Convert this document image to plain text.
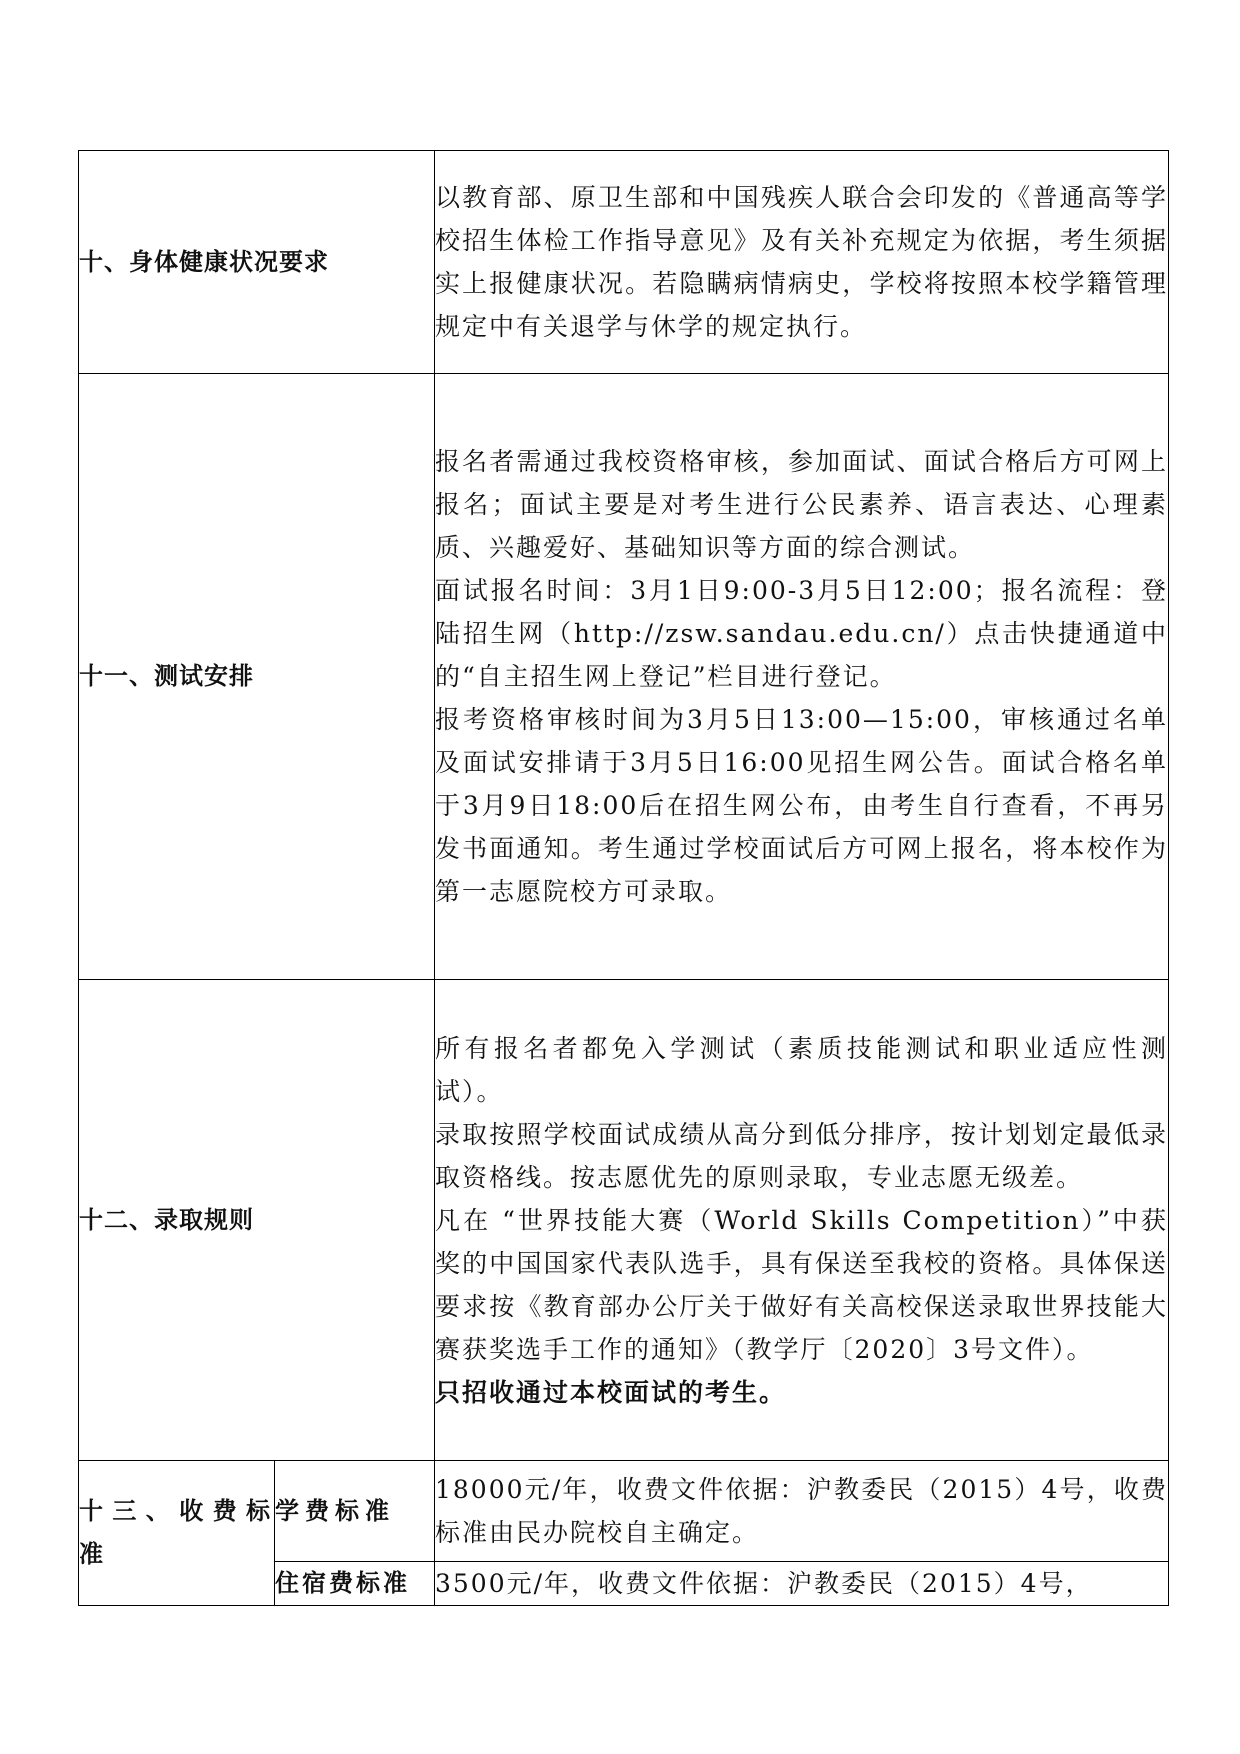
十、身体健康状况要求		以教育部、原卫生部和中国残疾人联合会印发的《普通高等学校招生体检工作指导意见》及有关补充规定为依据，考生须据实上报健康状况。若隐瞒病情病史，学校将按照本校学籍管理规定中有关退学与休学的规定执行。

十一、测试安排		报名者需通过我校资格审核，参加面试、面试合格后方可网上报名；面试主要是对考生进行公民素养、语言表达、心理素质、兴趣爱好、基础知识等方面的综合测试。

面试报名时间：3月1日9:00-3月5日12:00；报名流程：登陆招生网（http://zsw.sandau.edu.cn/）点击快捷通道中的“自主招生网上登记”栏目进行登记。

报考资格审核时间为3月5日13:00—15:00，审核通过名单及面试安排请于3月5日16:00见招生网公告。面试合格名单于3月9日18:00后在招生网公布，由考生自行查看，不再另发书面通知。考生通过学校面试后方可网上报名，将本校作为第一志愿院校方可录取。

十二、录取规则		所有报名者都免入学测试（素质技能测试和职业适应性测试）。

录取按照学校面试成绩从高分到低分排序，按计划划定最低录取资格线。按志愿优先的原则录取，专业志愿无级差。

凡在 “世界技能大赛（World Skills Competition）”中获奖的中国国家代表队选手，具有保送至我校的资格。具体保送要求按《教育部办公厅关于做好有关高校保送录取世界技能大赛获奖选手工作的通知》（教学厅〔2020〕3号文件）。

只招收通过本校面试的考生。

十三、收费标准	学费标准	18000元/年，收费文件依据：沪教委民（2015）4号，收费标准由民办院校自主确定。
	住宿费标准	3500元/年，收费文件依据：沪教委民（2015）4号，
